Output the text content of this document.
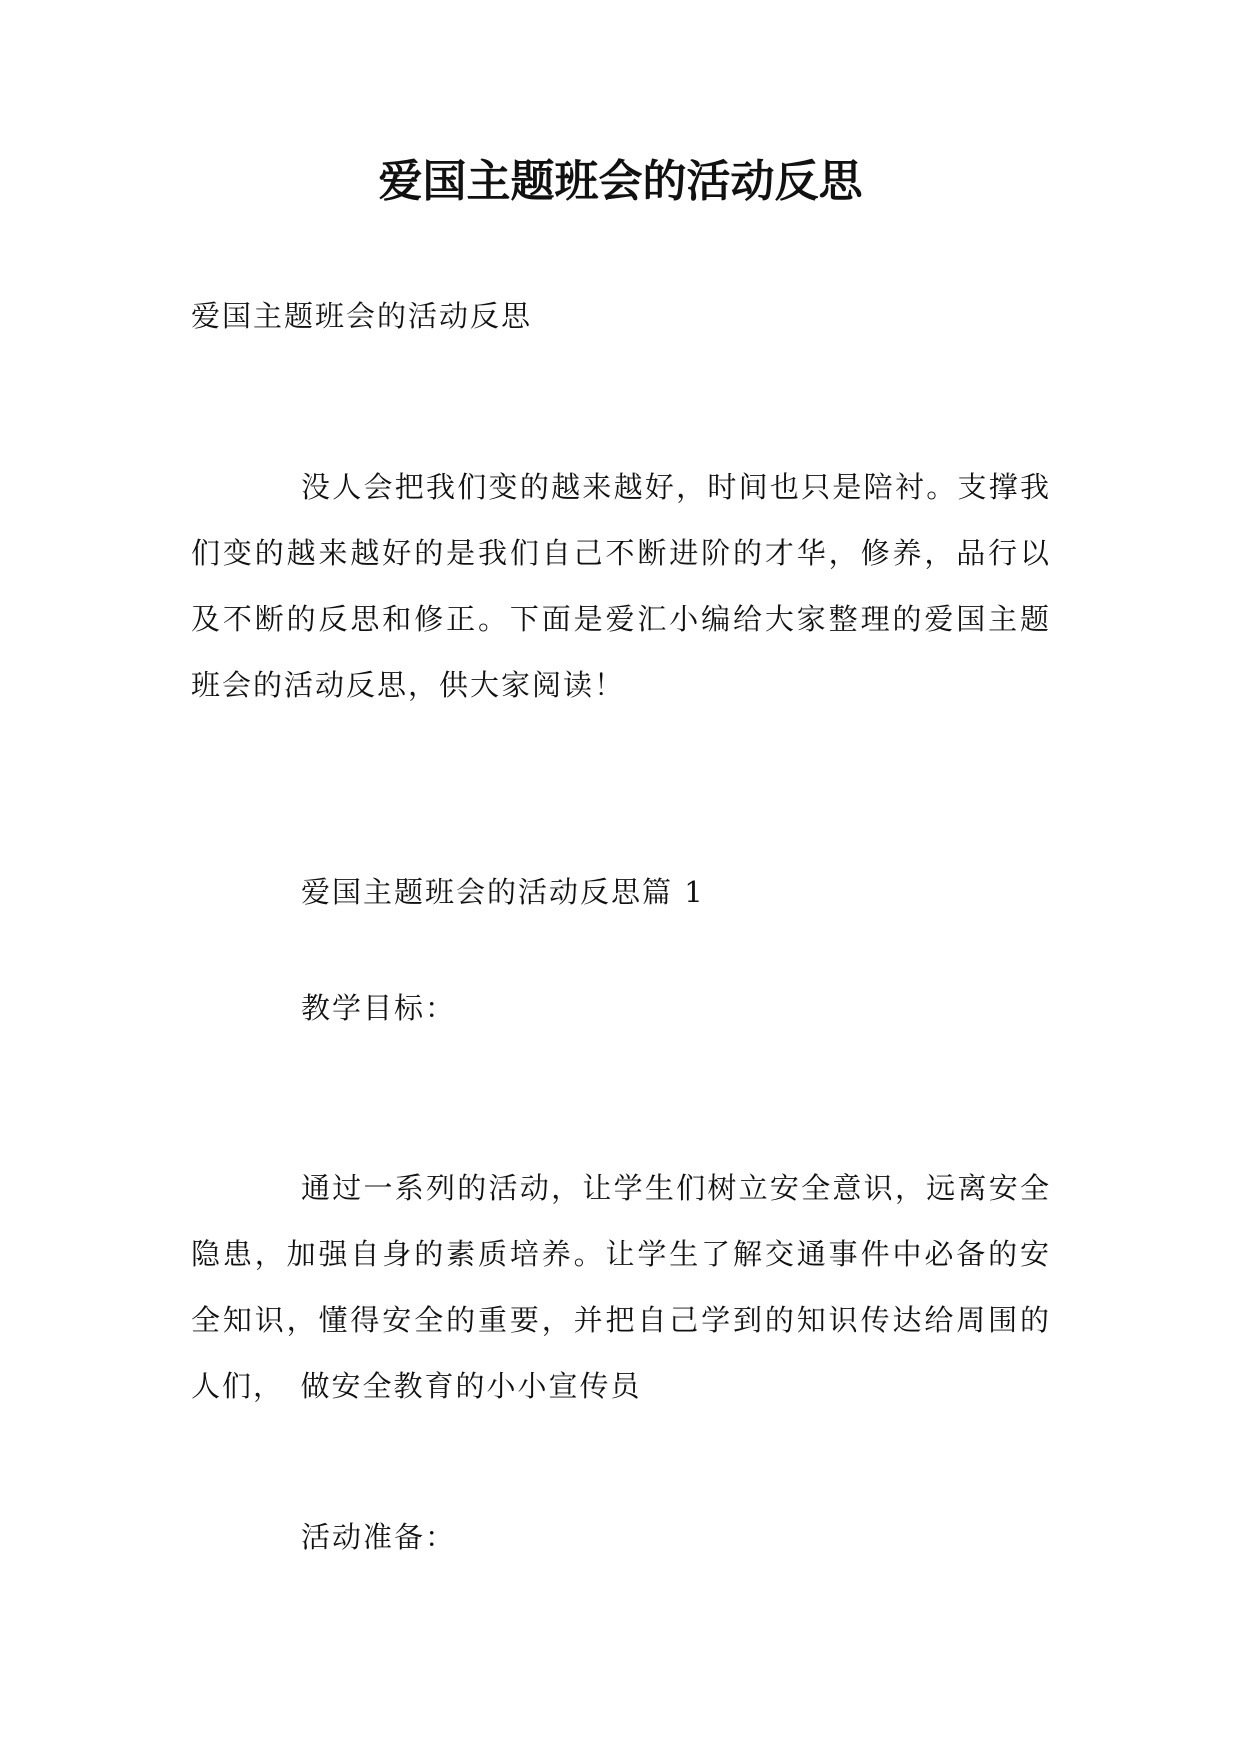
爱国主题班会的活动反思
爱国主题班会的活动反思
没人会把我们变的越来越好，时间也只是陪衬。支撑我们变的越来越好的是我们自己不断进阶的才华，修养，品行以及不断的反思和修正。下面是爱汇小编给大家整理的爱国主题班会的活动反思，供大家阅读！
爱国主题班会的活动反思篇 1
教学目标：
通过一系列的活动，让学生们树立安全意识，远离安全隐患，加强自身的素质培养。让学生了解交通事件中必备的安全知识，懂得安全的重要，并把自己学到的知识传达给周围的人们，　做安全教育的小小宣传员
活动准备：
